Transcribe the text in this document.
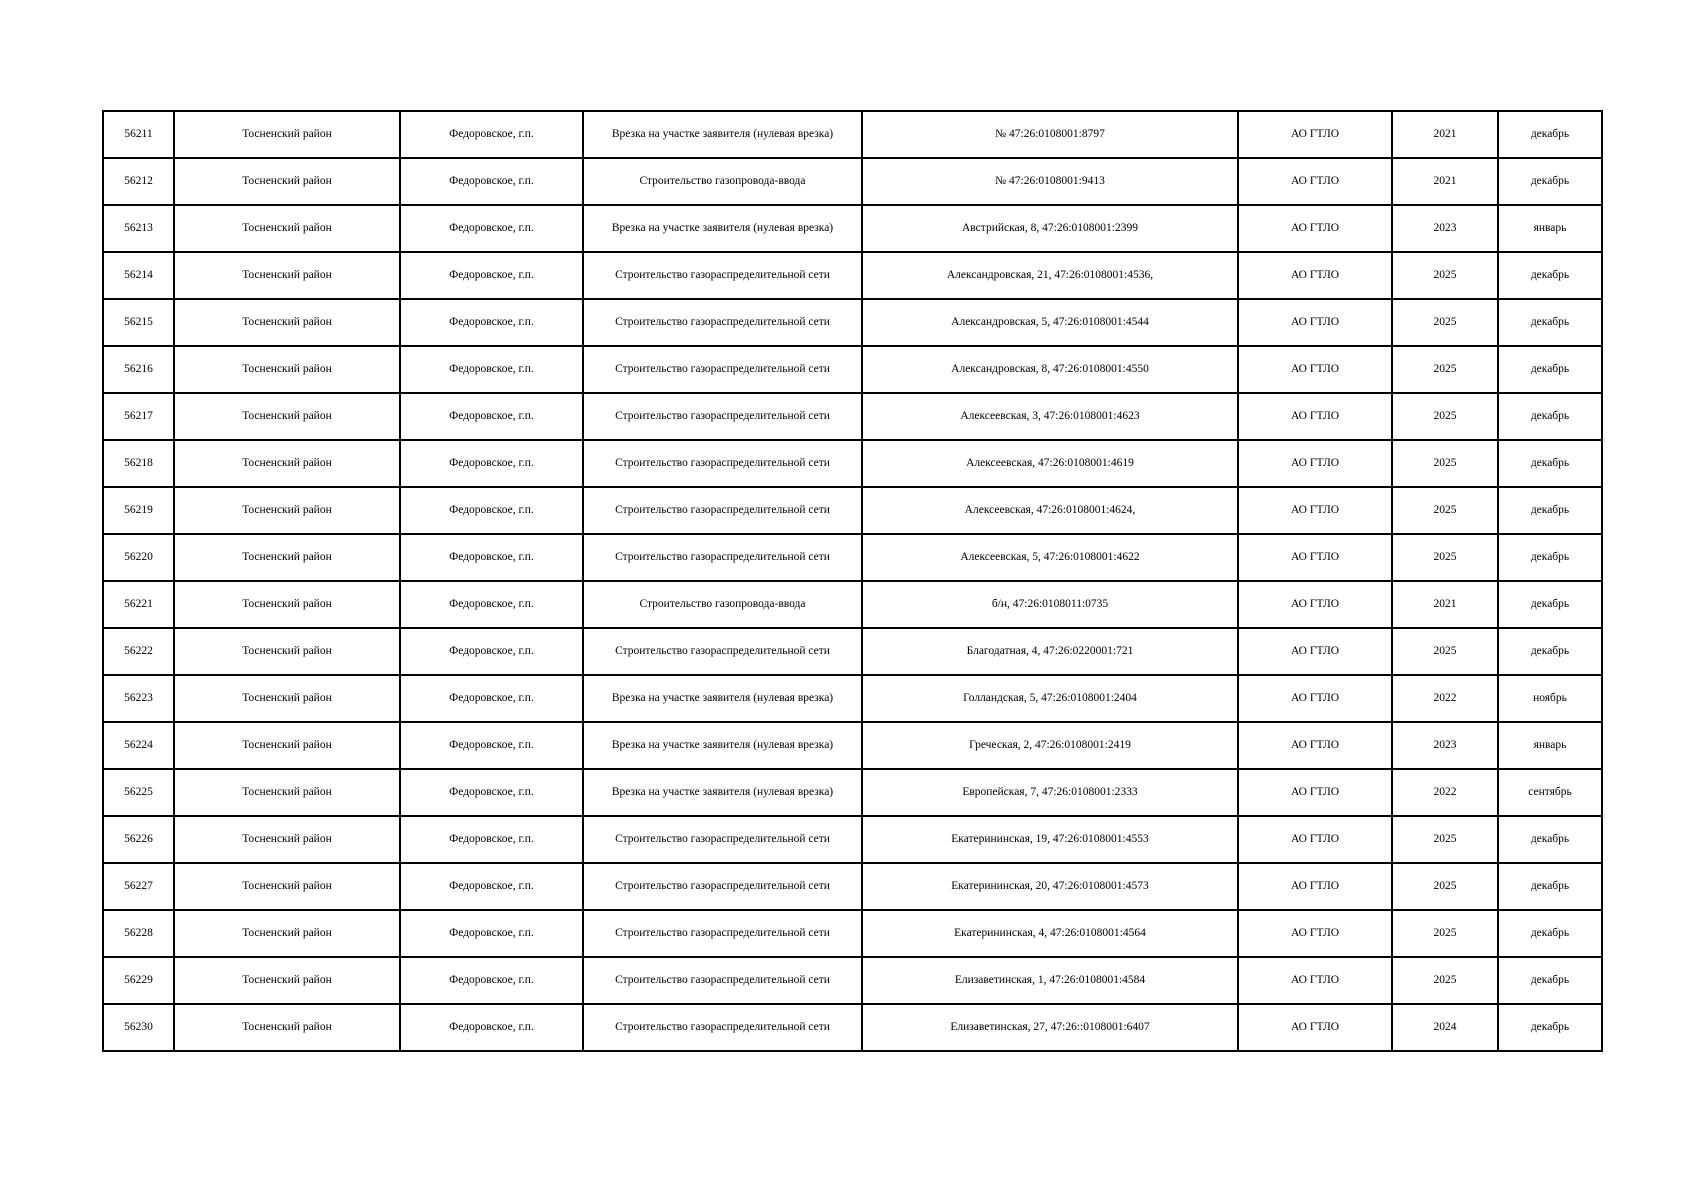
56211	Тосненский район	Федоровское, г.п.	Врезка на участке заявителя (нулевая врезка)	№ 47:26:0108001:8797	АО ГТЛО	2021	декабрь
56212	Тосненский район	Федоровское, г.п.	Строительство газопровода-ввода	№ 47:26:0108001:9413	АО ГТЛО	2021	декабрь
56213	Тосненский район	Федоровское, г.п.	Врезка на участке заявителя (нулевая врезка)	Австрийская, 8, 47:26:0108001:2399	АО ГТЛО	2023	январь
56214	Тосненский район	Федоровское, г.п.	Строительство газораспределительной сети	Александровская, 21, 47:26:0108001:4536,	АО ГТЛО	2025	декабрь
56215	Тосненский район	Федоровское, г.п.	Строительство газораспределительной сети	Александровская, 5, 47:26:0108001:4544	АО ГТЛО	2025	декабрь
56216	Тосненский район	Федоровское, г.п.	Строительство газораспределительной сети	Александровская, 8, 47:26:0108001:4550	АО ГТЛО	2025	декабрь
56217	Тосненский район	Федоровское, г.п.	Строительство газораспределительной сети	Алексеевская, 3, 47:26:0108001:4623	АО ГТЛО	2025	декабрь
56218	Тосненский район	Федоровское, г.п.	Строительство газораспределительной сети	Алексеевская, 47:26:0108001:4619	АО ГТЛО	2025	декабрь
56219	Тосненский район	Федоровское, г.п.	Строительство газораспределительной сети	Алексеевская, 47:26:0108001:4624,	АО ГТЛО	2025	декабрь
56220	Тосненский район	Федоровское, г.п.	Строительство газораспределительной сети	Алексеевская, 5, 47:26:0108001:4622	АО ГТЛО	2025	декабрь
56221	Тосненский район	Федоровское, г.п.	Строительство газопровода-ввода	б/н, 47:26:0108011:0735	АО ГТЛО	2021	декабрь
56222	Тосненский район	Федоровское, г.п.	Строительство газораспределительной сети	Благодатная, 4, 47:26:0220001:721	АО ГТЛО	2025	декабрь
56223	Тосненский район	Федоровское, г.п.	Врезка на участке заявителя (нулевая врезка)	Голландская, 5, 47:26:0108001:2404	АО ГТЛО	2022	ноябрь
56224	Тосненский район	Федоровское, г.п.	Врезка на участке заявителя (нулевая врезка)	Греческая, 2, 47:26:0108001:2419	АО ГТЛО	2023	январь
56225	Тосненский район	Федоровское, г.п.	Врезка на участке заявителя (нулевая врезка)	Европейская, 7, 47:26:0108001:2333	АО ГТЛО	2022	сентябрь
56226	Тосненский район	Федоровское, г.п.	Строительство газораспределительной сети	Екатерининская, 19, 47:26:0108001:4553	АО ГТЛО	2025	декабрь
56227	Тосненский район	Федоровское, г.п.	Строительство газораспределительной сети	Екатерининская, 20, 47:26:0108001:4573	АО ГТЛО	2025	декабрь
56228	Тосненский район	Федоровское, г.п.	Строительство газораспределительной сети	Екатерининская, 4, 47:26:0108001:4564	АО ГТЛО	2025	декабрь
56229	Тосненский район	Федоровское, г.п.	Строительство газораспределительной сети	Елизаветинская, 1, 47:26:0108001:4584	АО ГТЛО	2025	декабрь
56230	Тосненский район	Федоровское, г.п.	Строительство газораспределительной сети	Елизаветинская, 27, 47:26::0108001:6407	АО ГТЛО	2024	декабрь
